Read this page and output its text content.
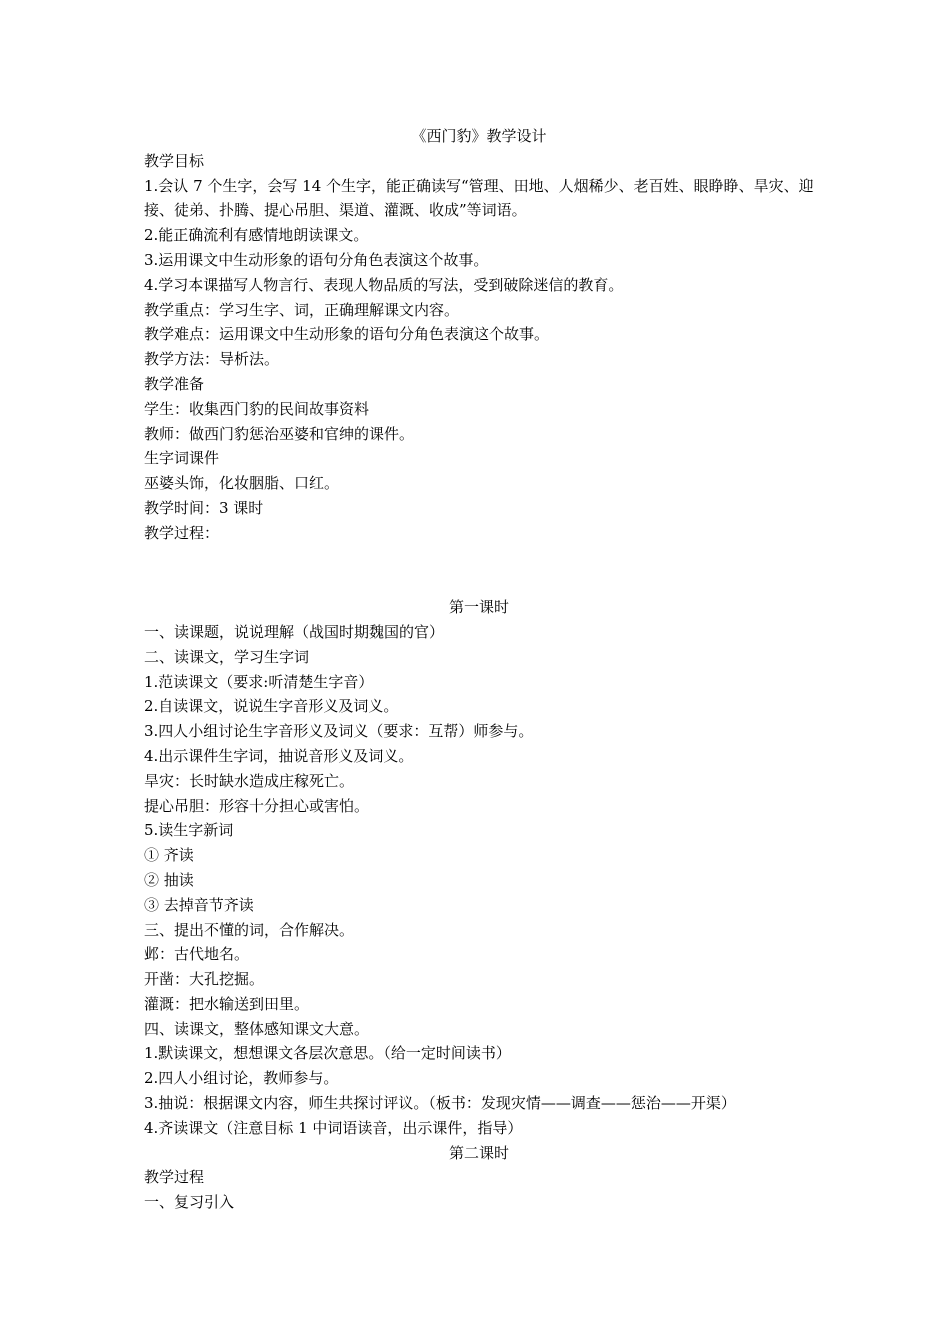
《西门豹》教学设计
教学目标
1.会认 7 个生字，会写 14 个生字，能正确读写“管理、田地、人烟稀少、老百姓、眼睁睁、旱灾、迎接、徒弟、扑腾、提心吊胆、渠道、灌溉、收成”等词语。
2.能正确流利有感情地朗读课文。
3.运用课文中生动形象的语句分角色表演这个故事。
4.学习本课描写人物言行、表现人物品质的写法，受到破除迷信的教育。
教学重点：学习生字、词，正确理解课文内容。
教学难点：运用课文中生动形象的语句分角色表演这个故事。
教学方法：导析法。
教学准备
学生：收集西门豹的民间故事资料
教师：做西门豹惩治巫婆和官绅的课件。
生字词课件
巫婆头饰，化妆胭脂、口红。
教学时间：3 课时
教学过程：
第一课时
一、读课题，说说理解（战国时期魏国的官）
二、读课文，学习生字词
1.范读课文（要求:听清楚生字音）
2.自读课文，说说生字音形义及词义。
3.四人小组讨论生字音形义及词义（要求：互帮）师参与。
4.出示课件生字词，抽说音形义及词义。
旱灾：长时缺水造成庄稼死亡。
提心吊胆：形容十分担心或害怕。
5.读生字新词
① 齐读
② 抽读
③ 去掉音节齐读
三、提出不懂的词，合作解决。
邺：古代地名。
开凿：大孔挖掘。
灌溉：把水输送到田里。
四、读课文，整体感知课文大意。
1.默读课文，想想课文各层次意思。（给一定时间读书）
2.四人小组讨论，教师参与。
3.抽说：根据课文内容，师生共探讨评议。（板书：发现灾情——调查——惩治——开渠）
4.齐读课文（注意目标 1 中词语读音，出示课件，指导）
第二课时
教学过程
一、复习引入
